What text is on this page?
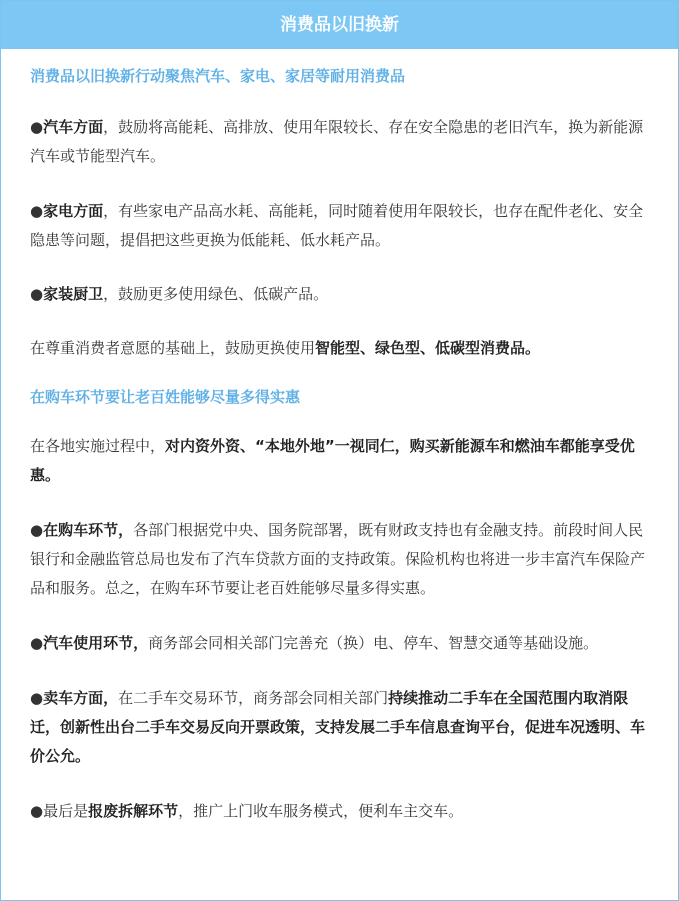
消费品以旧换新

消费品以旧换新行动聚焦汽车、家电、家居等耐用消费品

●汽车方面，鼓励将高能耗、高排放、使用年限较长、存在安全隐患的老旧汽车，换为新能源汽车或节能型汽车。

●家电方面，有些家电产品高水耗、高能耗，同时随着使用年限较长，也存在配件老化、安全隐患等问题，提倡把这些更换为低能耗、低水耗产品。

●家装厨卫，鼓励更多使用绿色、低碳产品。

在尊重消费者意愿的基础上，鼓励更换使用智能型、绿色型、低碳型消费品。

在购车环节要让老百姓能够尽量多得实惠

在各地实施过程中，对内资外资、“本地外地”一视同仁，购买新能源车和燃油车都能享受优惠。

●在购车环节，各部门根据党中央、国务院部署，既有财政支持也有金融支持。前段时间人民银行和金融监管总局也发布了汽车贷款方面的支持政策。保险机构也将进一步丰富汽车保险产品和服务。总之，在购车环节要让老百姓能够尽量多得实惠。

●汽车使用环节，商务部会同相关部门完善充（换）电、停车、智慧交通等基础设施。

●卖车方面，在二手车交易环节，商务部会同相关部门持续推动二手车在全国范围内取消限迁，创新性出台二手车交易反向开票政策，支持发展二手车信息查询平台，促进车况透明、车价公允。

●最后是报废拆解环节，推广上门收车服务模式，便利车主交车。
